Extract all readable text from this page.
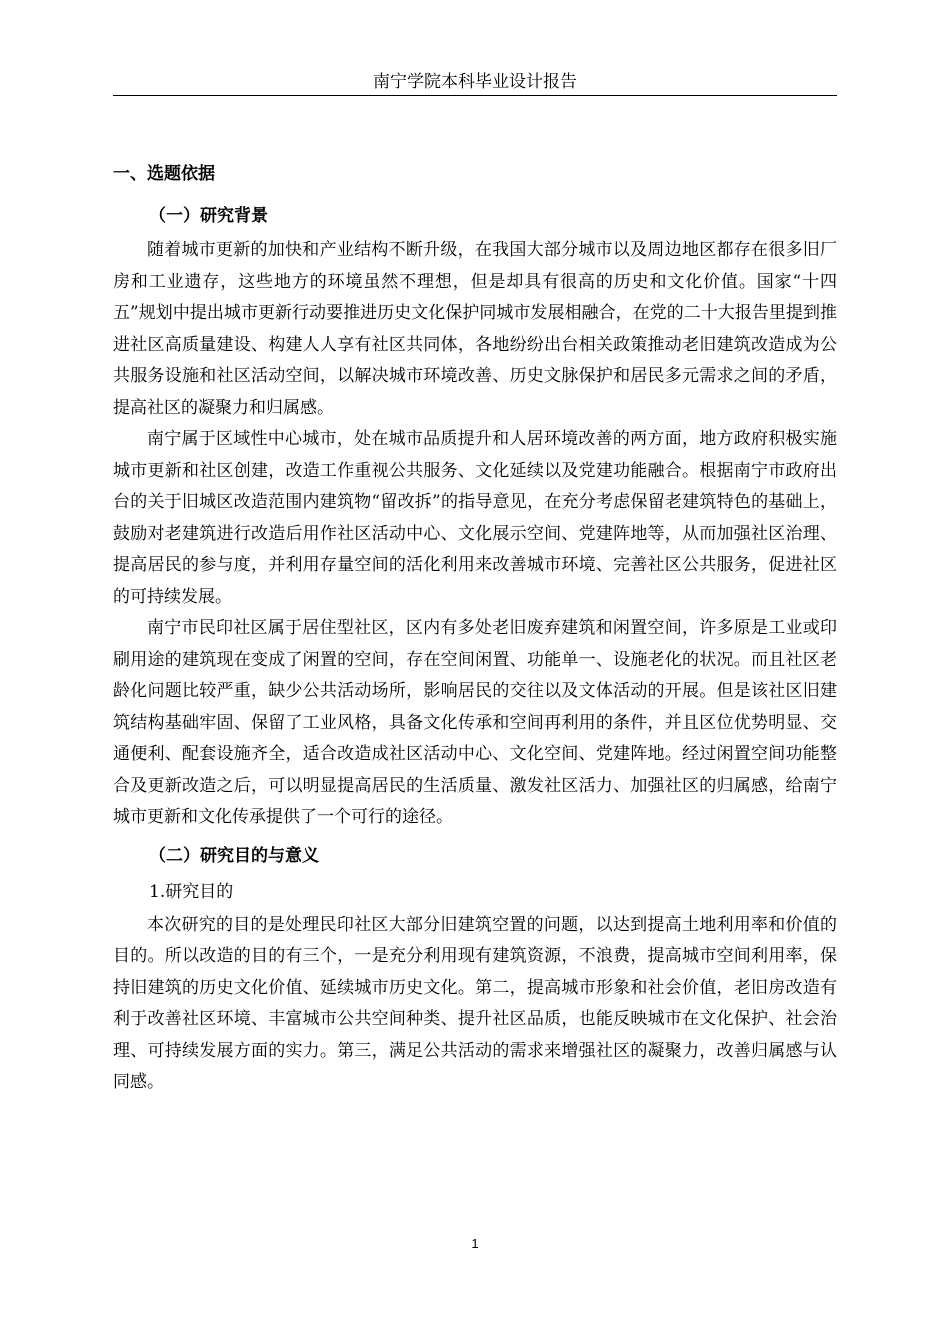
南宁学院本科毕业设计报告
一、选题依据
（一）研究背景

随着城市更新的加快和产业结构不断升级，在我国大部分城市以及周边地区都存在很多旧厂房和工业遗存，这些地方的环境虽然不理想，但是却具有很高的历史和文化价值。国家“十四五”规划中提出城市更新行动要推进历史文化保护同城市发展相融合，在党的二十大报告里提到推进社区高质量建设、构建人人享有社区共同体，各地纷纷出台相关政策推动老旧建筑改造成为公共服务设施和社区活动空间，以解决城市环境改善、历史文脉保护和居民多元需求之间的矛盾，提高社区的凝聚力和归属感。

南宁属于区域性中心城市，处在城市品质提升和人居环境改善的两方面，地方政府积极实施城市更新和社区创建，改造工作重视公共服务、文化延续以及党建功能融合。根据南宁市政府出台的关于旧城区改造范围内建筑物“留改拆”的指导意见，在充分考虑保留老建筑特色的基础上，鼓励对老建筑进行改造后用作社区活动中心、文化展示空间、党建阵地等，从而加强社区治理、提高居民的参与度，并利用存量空间的活化利用来改善城市环境、完善社区公共服务，促进社区的可持续发展。

南宁市民印社区属于居住型社区，区内有多处老旧废弃建筑和闲置空间，许多原是工业或印刷用途的建筑现在变成了闲置的空间，存在空间闲置、功能单一、设施老化的状况。而且社区老龄化问题比较严重，缺少公共活动场所，影响居民的交往以及文体活动的开展。但是该社区旧建筑结构基础牢固、保留了工业风格，具备文化传承和空间再利用的条件，并且区位优势明显、交通便利、配套设施齐全，适合改造成社区活动中心、文化空间、党建阵地。经过闲置空间功能整合及更新改造之后，可以明显提高居民的生活质量、激发社区活力、加强社区的归属感，给南宁城市更新和文化传承提供了一个可行的途径。

（二）研究目的与意义
1.研究目的

本次研究的目的是处理民印社区大部分旧建筑空置的问题，以达到提高土地利用率和价值的目的。所以改造的目的有三个，一是充分利用现有建筑资源，不浪费，提高城市空间利用率，保持旧建筑的历史文化价值、延续城市历史文化。第二，提高城市形象和社会价值，老旧房改造有利于改善社区环境、丰富城市公共空间种类、提升社区品质，也能反映城市在文化保护、社会治理、可持续发展方面的实力。第三，满足公共活动的需求来增强社区的凝聚力，改善归属感与认同感。

1
